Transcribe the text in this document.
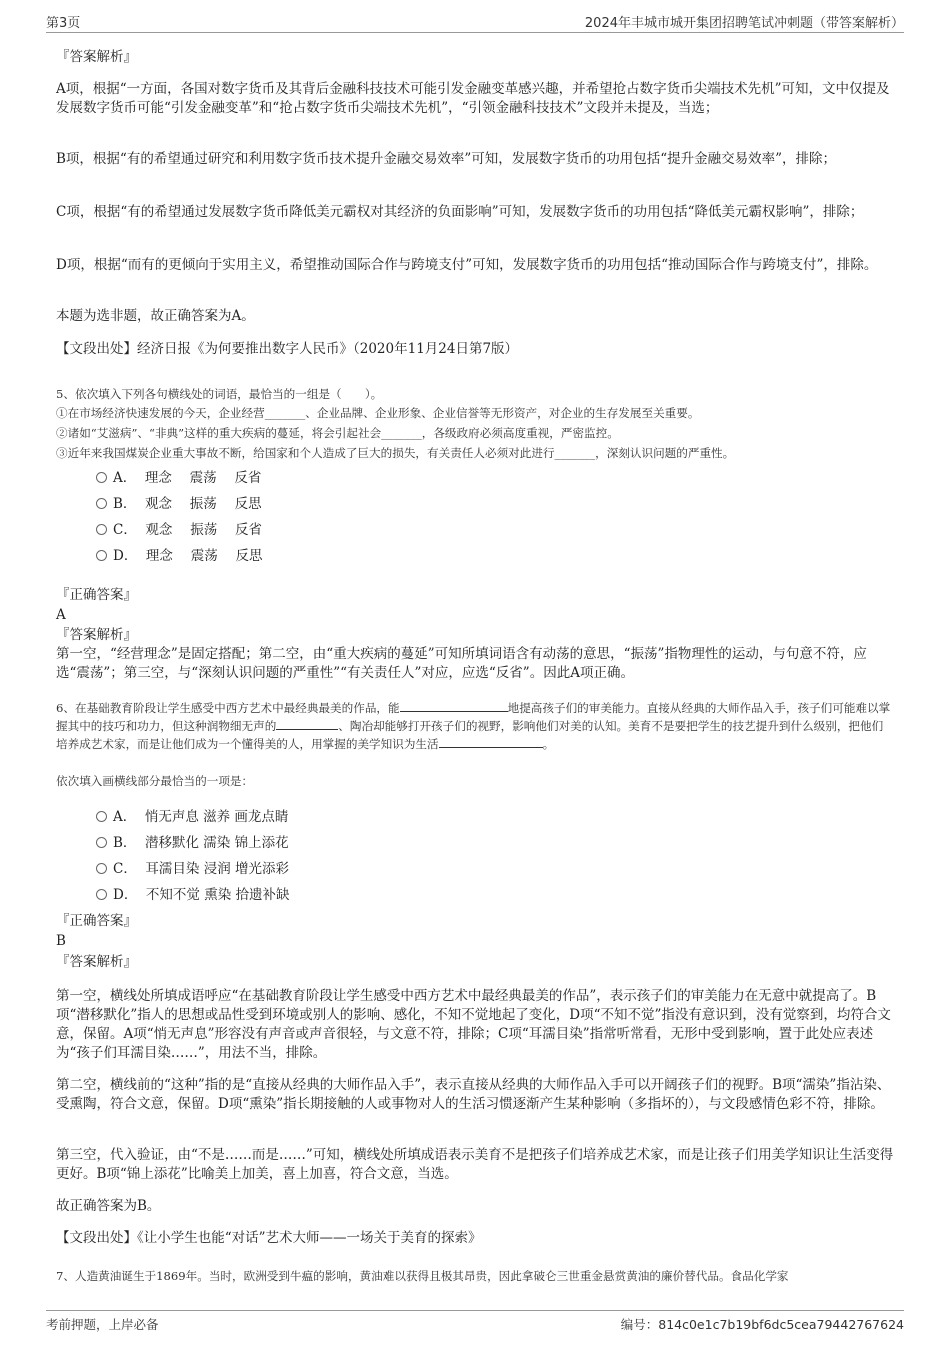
第3页	2024年丰城市城开集团招聘笔试冲刺题（带答案解析）
『答案解析』
A项，根据“一方面，各国对数字货币及其背后金融科技技术可能引发金融变革感兴趣，并希望抢占数字货币尖端技术先机”可知，文中仅提及发展数字货币可能“引发金融变革”和“抢占数字货币尖端技术先机”，“引领金融科技技术”文段并未提及，当选；
B项，根据“有的希望通过研究和利用数字货币技术提升金融交易效率”可知，发展数字货币的功用包括“提升金融交易效率”，排除；
C项，根据“有的希望通过发展数字货币降低美元霸权对其经济的负面影响”可知，发展数字货币的功用包括“降低美元霸权影响”，排除；
D项，根据“而有的更倾向于实用主义，希望推动国际合作与跨境支付”可知，发展数字货币的功用包括“推动国际合作与跨境支付”，排除。
本题为选非题，故正确答案为A。
【文段出处】经济日报《为何要推出数字人民币》（2020年11月24日第7版）
5、依次填入下列各句横线处的词语，最恰当的一组是（　　）。
①在市场经济快速发展的今天，企业经营_______、企业品牌、企业形象、企业信誉等无形资产，对企业的生存发展至关重要。
②诸如“艾滋病”、“非典”这样的重大疾病的蔓延，将会引起社会_______，各级政府必须高度重视，严密监控。
③近年来我国煤炭企业重大事故不断，给国家和个人造成了巨大的损失，有关责任人必须对此进行_______，深刻认识问题的严重性。
A．  理念　 震荡　 反省
B．  观念　 振荡　 反思
C．  观念　 振荡　 反省
D．  理念　 震荡　 反思
『正确答案』
A
『答案解析』
第一空，“经营理念”是固定搭配；第二空，由“重大疾病的蔓延”可知所填词语含有动荡的意思，“振荡”指物理性的运动，与句意不符，应选“震荡”；第三空，与“深刻认识问题的严重性”“有关责任人”对应，应选“反省”。因此A项正确。
6、在基础教育阶段让学生感受中西方艺术中最经典最美的作品，能	地提高孩子们的审美能力。直接从经典的大师作品入手，孩子们可能难以掌握其中的技巧和功力，但这种润物细无声的	、陶冶却能够打开孩子们的视野，影响他们对美的认知。美育不是要把学生的技艺提升到什么级别，把他们培养成艺术家，而是让他们成为一个懂得美的人，用掌握的美学知识为生活	。
依次填入画横线部分最恰当的一项是：
A．  悄无声息 滋养 画龙点睛
B．  潜移默化 濡染 锦上添花
C．  耳濡目染 浸润 增光添彩
D．  不知不觉 熏染 拾遗补缺
『正确答案』
B
『答案解析』
第一空，横线处所填成语呼应“在基础教育阶段让学生感受中西方艺术中最经典最美的作品”，表示孩子们的审美能力在无意中就提高了。B项“潜移默化”指人的思想或品性受到环境或别人的影响、感化，不知不觉地起了变化，D项“不知不觉”指没有意识到，没有觉察到，均符合文意，保留。A项“悄无声息”形容没有声音或声音很轻，与文意不符，排除；C项“耳濡目染”指常听常看，无形中受到影响，置于此处应表述为“孩子们耳濡目染……”，用法不当，排除。
第二空，横线前的“这种”指的是“直接从经典的大师作品入手”，表示直接从经典的大师作品入手可以开阔孩子们的视野。B项“濡染”指沾染、受熏陶，符合文意，保留。D项“熏染”指长期接触的人或事物对人的生活习惯逐渐产生某种影响（多指坏的），与文段感情色彩不符，排除。
第三空，代入验证，由“不是……而是……”可知，横线处所填成语表示美育不是把孩子们培养成艺术家，而是让孩子们用美学知识让生活变得更好。B项“锦上添花”比喻美上加美，喜上加喜，符合文意，当选。
故正确答案为B。
【文段出处】《让小学生也能“对话”艺术大师——一场关于美育的探索》
7、人造黄油诞生于1869年。当时，欧洲受到牛瘟的影响，黄油难以获得且极其昂贵，因此拿破仑三世重金悬赏黄油的廉价替代品。食品化学家
考前押题，上岸必备	编号：814c0e1c7b19bf6dc5cea79442767624
